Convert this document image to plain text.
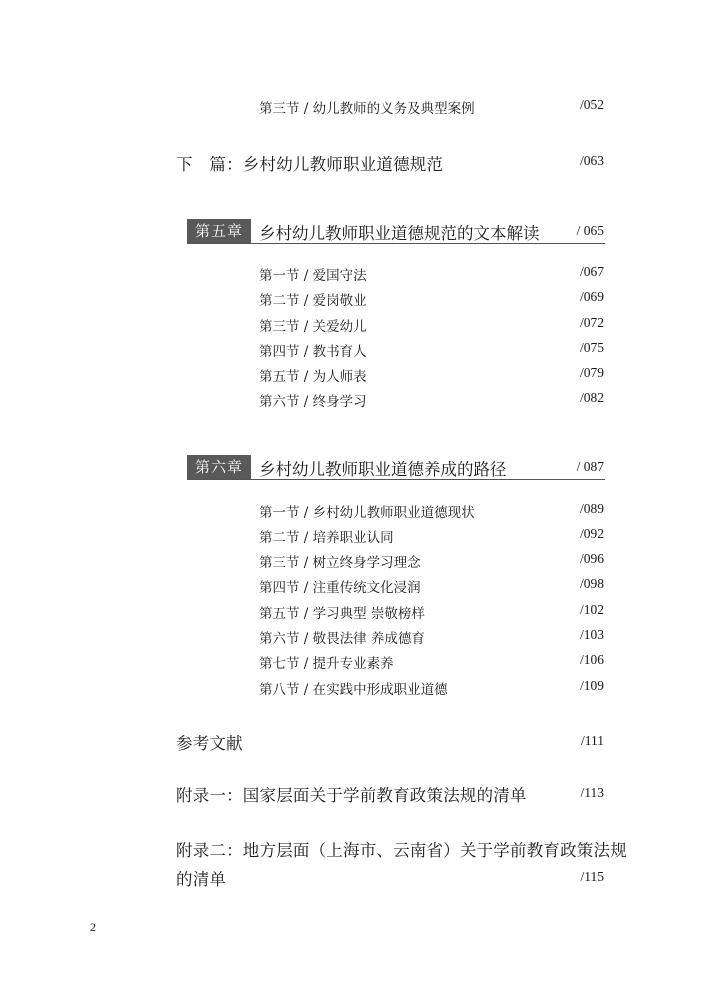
第三节 / 幼儿教师的义务及典型案例	/052
下　篇：乡村幼儿教师职业道德规范	/063
第五章 乡村幼儿教师职业道德规范的文本解读	/ 065
第一节 / 爱国守法	/067
第二节 / 爱岗敬业	/069
第三节 / 关爱幼儿	/072
第四节 / 教书育人	/075
第五节 / 为人师表	/079
第六节 / 终身学习	/082
第六章 乡村幼儿教师职业道德养成的路径	/ 087
第一节 / 乡村幼儿教师职业道德现状	/089
第二节 / 培养职业认同	/092
第三节 / 树立终身学习理念	/096
第四节 / 注重传统文化浸润	/098
第五节 / 学习典型 崇敬榜样	/102
第六节 / 敬畏法律 养成德育	/103
第七节 / 提升专业素养	/106
第八节 / 在实践中形成职业道德	/109
参考文献	/111
附录一：国家层面关于学前教育政策法规的清单	/113
附录二：地方层面（上海市、云南省）关于学前教育政策法规
的清单	/115
2
